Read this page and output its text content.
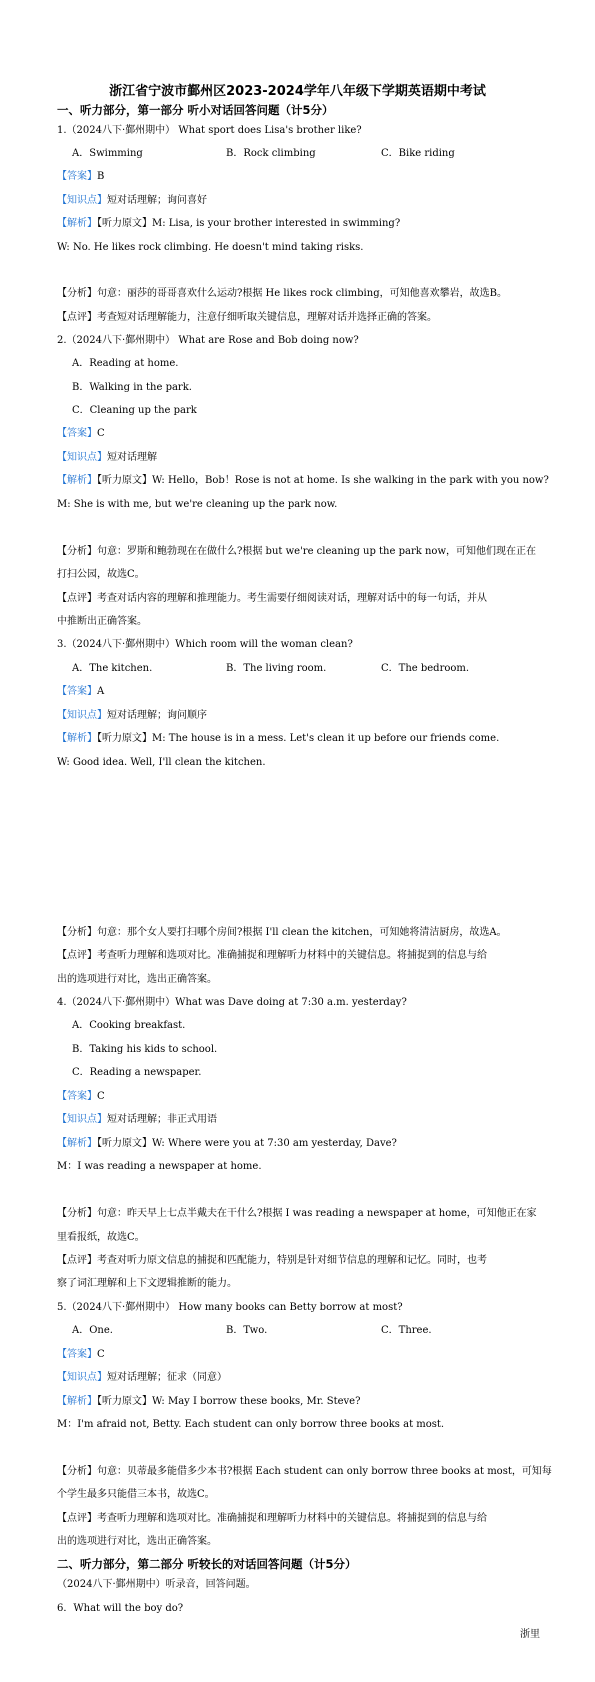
浙江省宁波市鄞州区2023-2024学年八年级下学期英语期中考试
一、听力部分，第一部分 听小对话回答问题（计5分）
1.（2024八下·鄞州期中） What sport does Lisa's brother like?
A．Swimming	B．Rock climbing	C．Bike riding
【答案】B
【知识点】短对话理解；询问喜好
【解析】【听力原文】M: Lisa, is your brother interested in swimming?
W: No. He likes rock climbing. He doesn't mind taking risks.
【分析】句意：丽莎的哥哥喜欢什么运动?根据 He likes rock climbing，可知他喜欢攀岩，故选B。
【点评】考查短对话理解能力，注意仔细听取关键信息，理解对话并选择正确的答案。
2.（2024八下·鄞州期中） What are Rose and Bob doing now?
A．Reading at home.
B．Walking in the park.
C．Cleaning up the park
【答案】C
【知识点】短对话理解
【解析】【听力原文】W: Hello，Bob！Rose is not at home. Is she walking in the park with you now?
M: She is with me, but we're cleaning up the park now.
【分析】句意：罗斯和鲍勃现在在做什么?根据 but we're cleaning up the park now，可知他们现在正在
打扫公园，故选C。
【点评】考查对话内容的理解和推理能力。考生需要仔细阅读对话，理解对话中的每一句话，并从
中推断出正确答案。
3.（2024八下·鄞州期中）Which room will the woman clean?
A．The kitchen.	B．The living room.	C．The bedroom.
【答案】A
【知识点】短对话理解；询问顺序
【解析】【听力原文】M: The house is in a mess. Let's clean it up before our friends come.
W: Good idea. Well, I'll clean the kitchen.
【分析】句意：那个女人要打扫哪个房间?根据 I'll clean the kitchen，可知她将清洁厨房，故选A。
【点评】考查听力理解和选项对比。准确捕捉和理解听力材料中的关键信息。将捕捉到的信息与给
出的选项进行对比，选出正确答案。
4.（2024八下·鄞州期中）What was Dave doing at 7:30 a.m. yesterday?
A．Cooking breakfast.
B．Taking his kids to school.
C．Reading a newspaper.
【答案】C
【知识点】短对话理解；非正式用语
【解析】【听力原文】W: Where were you at 7:30 am yesterday, Dave?
M：I was reading a newspaper at home.
【分析】句意：昨天早上七点半戴夫在干什么?根据 I was reading a newspaper at home，可知他正在家
里看报纸，故选C。
【点评】考查对听力原文信息的捕捉和匹配能力，特别是针对细节信息的理解和记忆。同时，也考
察了词汇理解和上下文逻辑推断的能力。
5.（2024八下·鄞州期中） How many books can Betty borrow at most?
A．One.	B．Two.	C．Three.
【答案】C
【知识点】短对话理解；征求（同意）
【解析】【听力原文】W: May I borrow these books, Mr. Steve?
M：I'm afraid not, Betty. Each student can only borrow three books at most.
【分析】句意：贝蒂最多能借多少本书?根据 Each student can only borrow three books at most，可知每
个学生最多只能借三本书，故选C。
【点评】考查听力理解和选项对比。准确捕捉和理解听力材料中的关键信息。将捕捉到的信息与给
出的选项进行对比，选出正确答案。
二、听力部分，第二部分 听较长的对话回答问题（计5分）
（2024八下·鄞州期中）听录音，回答问题。
6．What will the boy do?
浙里
